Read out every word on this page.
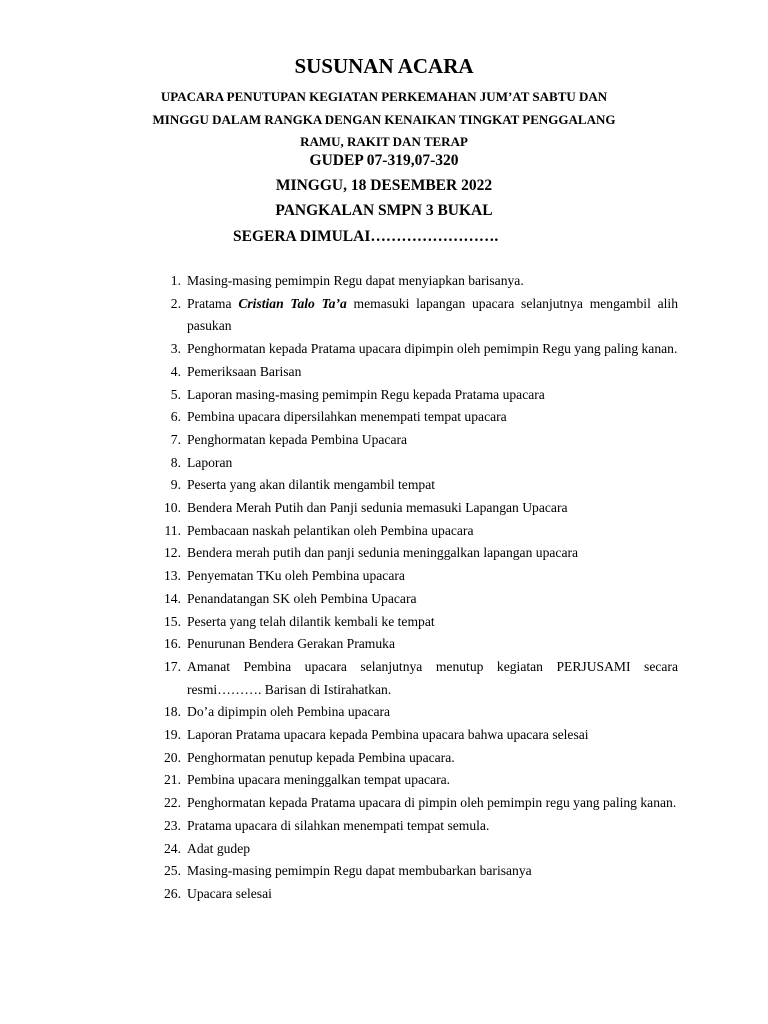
SUSUNAN ACARA
UPACARA PENUTUPAN KEGIATAN PERKEMAHAN JUM’AT SABTU DAN
MINGGU DALAM RANGKA DENGAN KENAIKAN TINGKAT PENGGALANG
RAMU, RAKIT DAN TERAP
GUDEP 07-319,07-320
MINGGU, 18 DESEMBER 2022
PANGKALAN SMPN 3 BUKAL
SEGERA DIMULAI…………………….
1. Masing-masing pemimpin Regu dapat menyiapkan barisanya.
2. Pratama Cristian Talo Ta’a memasuki lapangan upacara selanjutnya mengambil alih pasukan
3. Penghormatan kepada Pratama upacara dipimpin oleh pemimpin Regu yang paling kanan.
4. Pemeriksaan Barisan
5. Laporan masing-masing pemimpin Regu kepada Pratama upacara
6. Pembina upacara dipersilahkan menempati tempat upacara
7. Penghormatan kepada Pembina Upacara
8. Laporan
9. Peserta yang akan dilantik mengambil tempat
10. Bendera Merah Putih dan Panji sedunia memasuki Lapangan Upacara
11. Pembacaan naskah pelantikan oleh Pembina upacara
12. Bendera merah putih dan panji sedunia meninggalkan lapangan upacara
13. Penyematan TKu oleh Pembina upacara
14. Penandatangan SK oleh Pembina Upacara
15. Peserta yang telah dilantik kembali ke tempat
16. Penurunan Bendera Gerakan Pramuka
17. Amanat Pembina upacara selanjutnya menutup kegiatan PERJUSAMI secara resmi………. Barisan di Istirahatkan.
18. Do’a dipimpin oleh Pembina upacara
19. Laporan Pratama upacara kepada Pembina upacara bahwa upacara selesai
20. Penghormatan penutup kepada Pembina upacara.
21. Pembina upacara meninggalkan tempat upacara.
22. Penghormatan kepada Pratama upacara di pimpin oleh pemimpin regu yang paling kanan.
23. Pratama upacara di silahkan menempati tempat semula.
24. Adat gudep
25. Masing-masing pemimpin Regu dapat membubarkan barisanya
26. Upacara selesai
